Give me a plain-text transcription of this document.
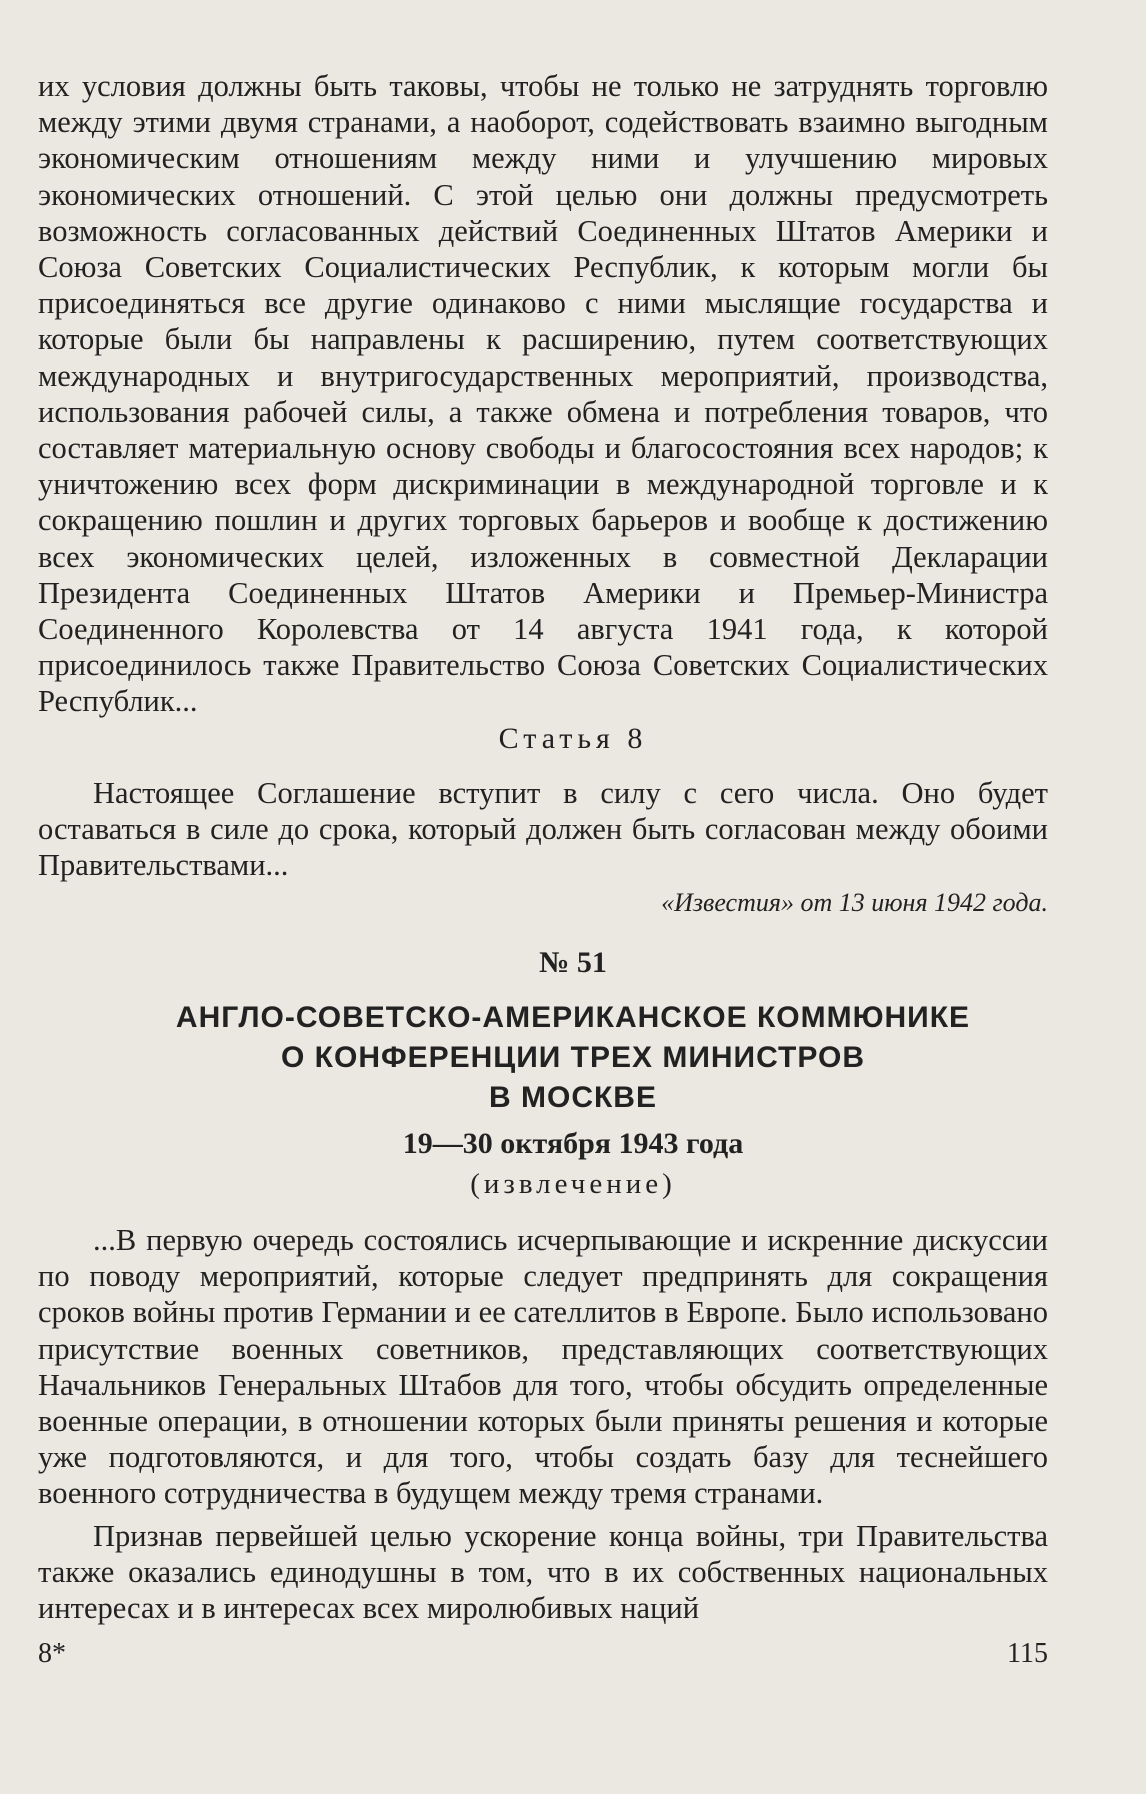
их условия должны быть таковы, чтобы не только не затруднять торговлю между этими двумя странами, а наоборот, содействовать взаимно выгодным экономическим отношениям между ними и улучшению мировых экономических отношений. С этой целью они должны предусмотреть возможность согласованных действий Соединенных Штатов Америки и Союза Советских Социалистических Республик, к которым могли бы присоединяться все другие одинаково с ними мыслящие государства и которые были бы направлены к расширению, путем соответствующих международных и внутригосударственных мероприятий, производства, использования рабочей силы, а также обмена и потребления товаров, что составляет материальную основу свободы и благосостояния всех народов; к уничтожению всех форм дискриминации в международной торговле и к сокращению пошлин и других торговых барьеров и вообще к достижению всех экономических целей, изложенных в совместной Декларации Президента Соединенных Штатов Америки и Премьер-Министра Соединенного Королевства от 14 августа 1941 года, к которой присоединилось также Правительство Союза Советских Социалистических Республик...

Статья 8

Настоящее Соглашение вступит в силу с сего числа. Оно будет оставаться в силе до срока, который должен быть согласован между обоими Правительствами...

«Известия» от 13 июня 1942 года.
№ 51
АНГЛО-СОВЕТСКО-АМЕРИКАНСКОЕ КОММЮНИКЕ
О КОНФЕРЕНЦИИ ТРЕХ МИНИСТРОВ
В МОСКВЕ
19—30 октября 1943 года
(извлечение)

...В первую очередь состоялись исчерпывающие и искренние дискуссии по поводу мероприятий, которые следует предпринять для сокращения сроков войны против Германии и ее сателлитов в Европе. Было использовано присутствие военных советников, представляющих соответствующих Начальников Генеральных Штабов для того, чтобы обсудить определенные военные операции, в отношении которых были приняты решения и которые уже подготовляются, и для того, чтобы создать базу для теснейшего военного сотрудничества в будущем между тремя странами.

Признав первейшей целью ускорение конца войны, три Правительства также оказались единодушны в том, что в их собственных национальных интересах и в интересах всех миролюбивых наций

8*	115
